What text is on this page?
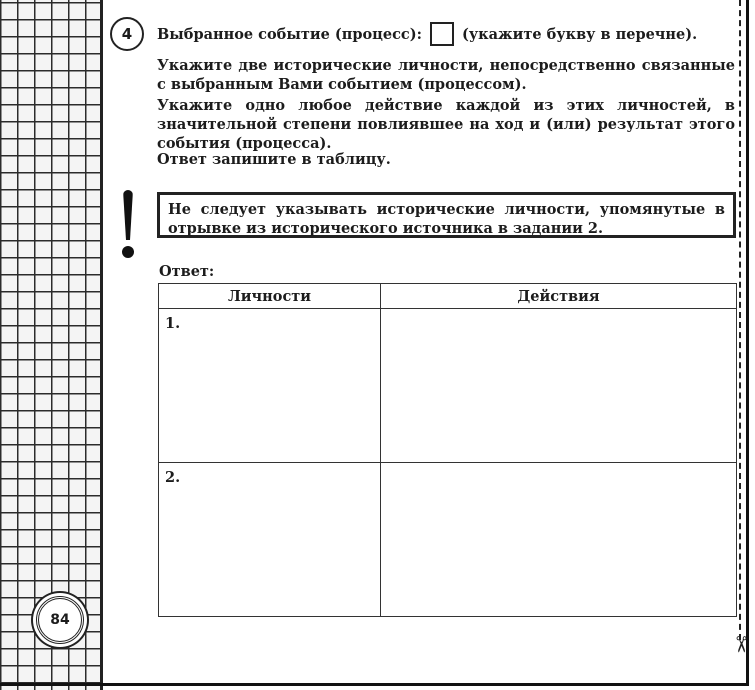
✂
4	Выбранное событие (процесс):	(укажите букву в перечне).
Укажите две исторические личности, непосредственно связанные с выбранным Вами событием (процессом).
Укажите одно любое действие каждой из этих личностей, в значительной степени повлиявшее на ход и (или) результат этого события (процесса).
Ответ запишите в таблицу.
Не следует указывать исторические личности, упомянутые в отрывке из исторического источника в задании 2.
Ответ:
Личности	Действия
1.	
2.	
84
